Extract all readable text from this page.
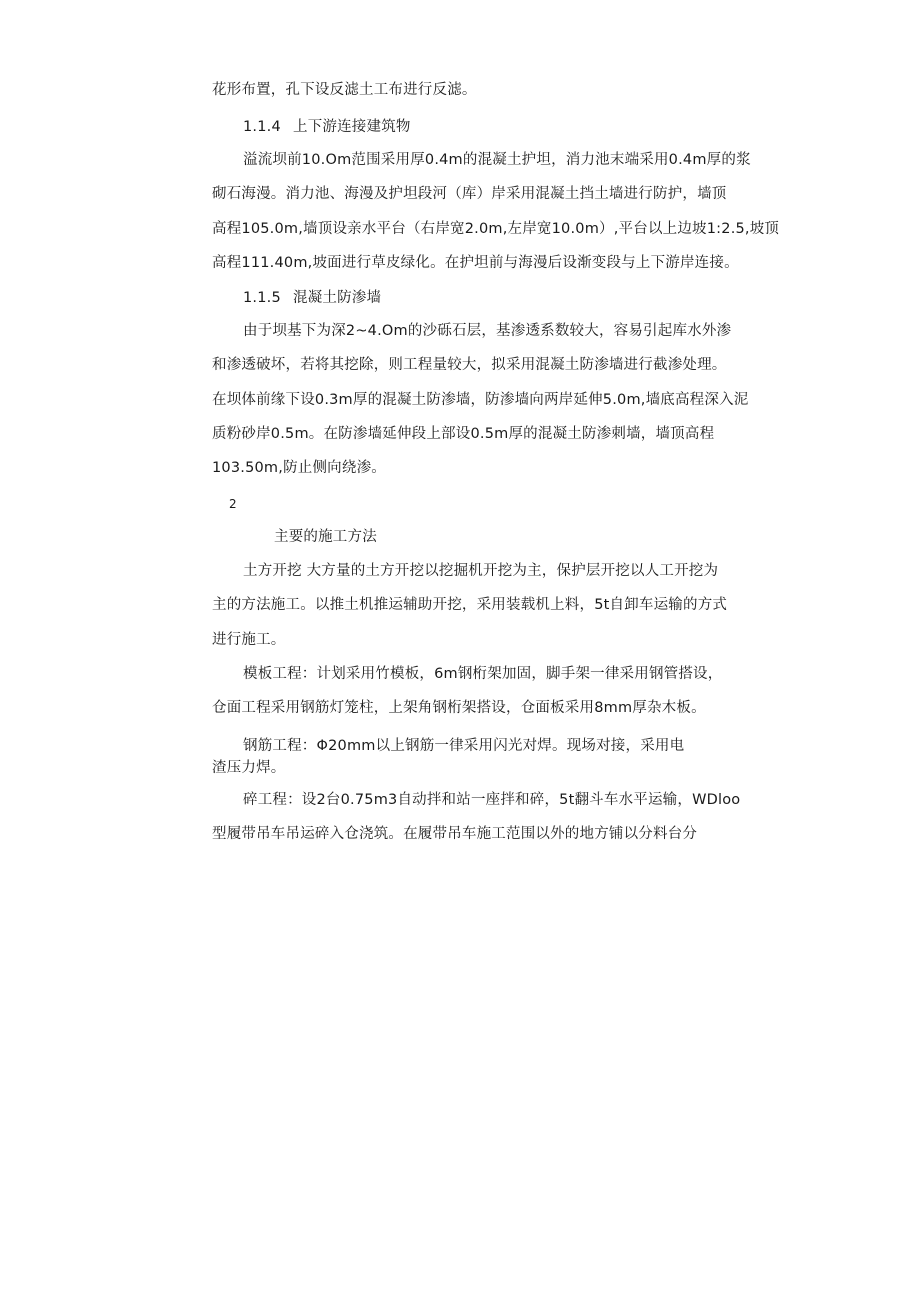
花形布置，孔下设反滤土工布进行反滤。
1.1.4 上下游连接建筑物
溢流坝前10.Om范围采用厚0.4m的混凝土护坦，消力池末端采用0.4m厚的浆
砌石海漫。消力池、海漫及护坦段河（库）岸采用混凝土挡土墙进行防护，墙顶
高程105.0m,墙顶设亲水平台（右岸宽2.0m,左岸宽10.0m）,平台以上边坡1:2.5,坡顶
高程111.40m,坡面进行草皮绿化。在护坦前与海漫后设渐变段与上下游岸连接。
1.1.5 混凝土防渗墙
由于坝基下为深2~4.Om的沙砾石层，基渗透系数较大，容易引起库水外渗
和渗透破坏，若将其挖除，则工程量较大，拟采用混凝土防渗墙进行截渗处理。
在坝体前缘下设0.3m厚的混凝土防渗墙，防渗墙向两岸延伸5.0m,墙底高程深入泥
质粉砂岸0.5m。在防渗墙延伸段上部设0.5m厚的混凝土防渗刺墙，墙顶高程
103.50m,防止侧向绕渗。
2
主要的施工方法
土方开挖 大方量的土方开挖以挖掘机开挖为主，保护层开挖以人工开挖为
主的方法施工。以推土机推运辅助开挖，采用装载机上料，5t自卸车运输的方式
进行施工。
模板工程：计划采用竹模板，6m钢桁架加固，脚手架一律采用钢管搭设，
仓面工程采用钢筋灯笼柱，上架角钢桁架搭设，仓面板采用8mm厚杂木板。
钢筋工程：Φ20mm以上钢筋一律采用闪光对焊。现场对接，采用电
渣压力焊。
碎工程：设2台0.75m3自动拌和站一座拌和碎，5t翻斗车水平运输，WDloo
型履带吊车吊运碎入仓浇筑。在履带吊车施工范围以外的地方铺以分料台分
